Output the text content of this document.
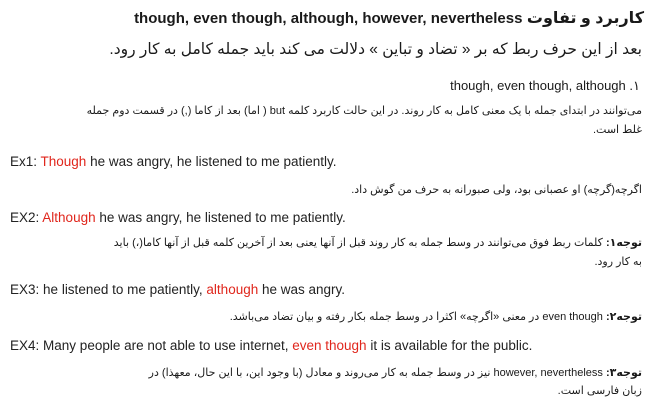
کاربرد و تفاوت though, even though, although, however, nevertheless
بعد از این حرف ربط که بر « تضاد و تباین » دلالت می کند باید جمله کامل به کار رود.
۱. though, even though, although
می‌توانند در ابتدای جمله با یک معنی کامل به کار روند. در این حالت کاربرد کلمه but ( اما) بعد از کاما (,) در قسمت دوم جمله
غلط است.
Ex1: Though he was angry, he listened to me patiently.
اگرچه(گرچه) او عصبانی بود، ولی صبورانه به حرف من گوش داد.
EX2: Although he was angry, he listened to me patiently.
توجه۱: کلمات ربط فوق می‌توانند در وسط جمله به کار روند قبل از آنها یعنی بعد از آخرین کلمه قبل از آنها کاما(،) باید
به کار رود.
EX3: he listened to me patiently, although he was angry.
توجه۲: even though در معنی «اگرچه» اکثرا در وسط جمله بکار رفته و بیان تضاد می‌باشد.
EX4: Many people are not able to use internet, even though it is available for the public.
توجه۳: however, nevertheless نیز در وسط جمله به کار می‌روند و معادل (با وجود این، با این حال، معهذا) در
زبان فارسی است.
